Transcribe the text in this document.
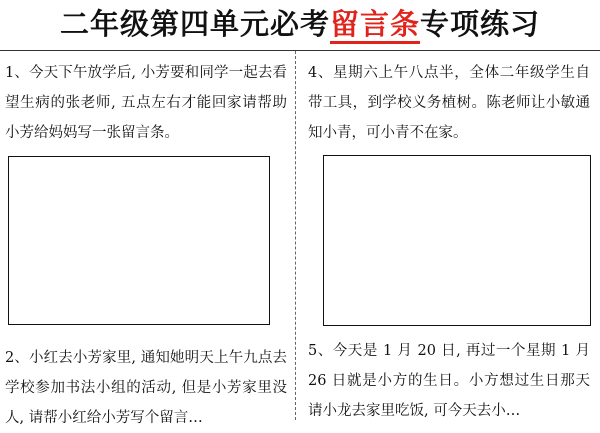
二年级第四单元必考留言条专项练习

1、今天下午放学后, 小芳要和同学一起去看望生病的张老师, 五点左右才能回家请帮助小芳给妈妈写一张留言条。

2、小红去小芳家里, 通知她明天上午九点去学校参加书法小组的活动, 但是小芳家里没人, 请帮小红给小芳写个留言…

4、星期六上午八点半，全体二年级学生自带工具，到学校义务植树。陈老师让小敏通知小青，可小青不在家。

5、今天是 1 月 20 日, 再过一个星期 1 月 26 日就是小方的生日。小方想过生日那天请小龙去家里吃饭, 可今天去小…
